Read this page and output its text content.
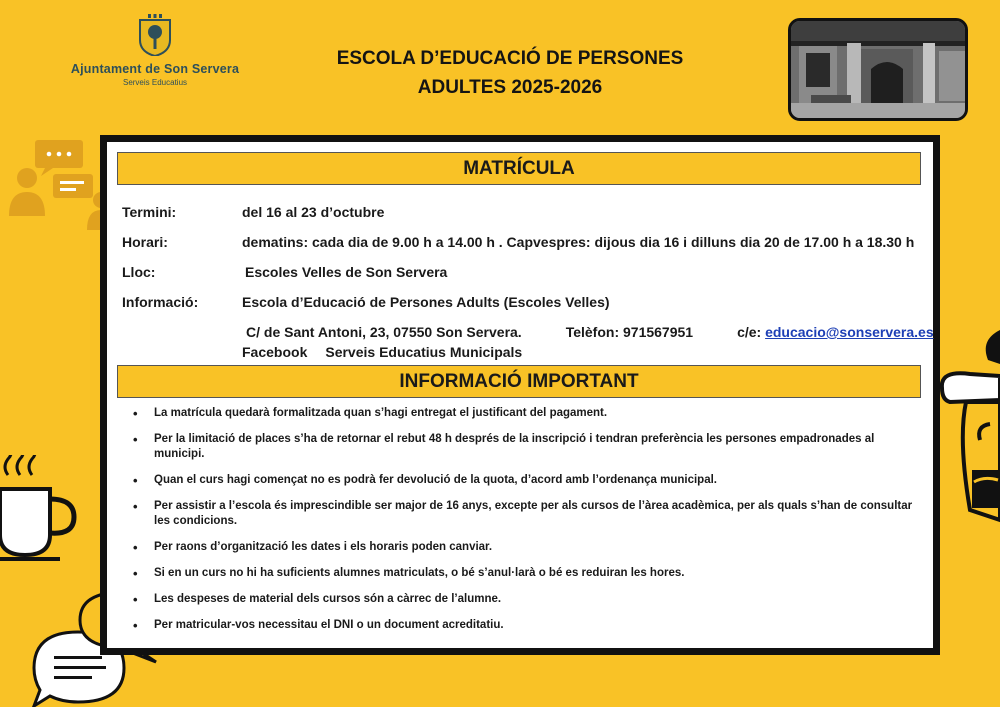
Ajuntament de Son Servera
Serveis Educatius
ESCOLA D’EDUCACIÓ DE PERSONES
ADULTES 2025-2026
MATRÍCULA
Termini:	del 16 al 23 d’octubre
Horari:	dematins: cada dia de 9.00 h a 14.00 h . Capvespres: dijous dia 16 i dilluns dia 20 de 17.00 h a 18.30 h
Lloc:	Escoles Velles de Son Servera
Informació:	Escola d’Educació de Persones Adults (Escoles Velles)
C/ de Sant Antoni, 23, 07550 Son Servera.	Telèfon: 971567951	c/e: educacio@sonservera.es
Facebook Serveis Educatius Municipals
INFORMACIÓ IMPORTANT
• La matrícula quedarà formalitzada quan s’hagi entregat el justificant del pagament.
• Per la limitació de places s’ha de retornar el rebut 48 h després de la inscripció i tendran preferència les persones empadronades al municipi.
• Quan el curs hagi començat no es podrà fer devolució de la quota, d’acord amb l’ordenança municipal.
• Per assistir a l’escola és imprescindible ser major de 16 anys, excepte per als cursos de l’àrea acadèmica, per als quals s’han de consultar les condicions.
• Per raons d’organització les dates i els horaris poden canviar.
• Si en un curs no hi ha suficients alumnes matriculats, o bé s’anul·larà o bé es reduiran les hores.
• Les despeses de material dels cursos són a càrrec de l’alumne.
• Per matricular-vos necessitau el DNI o un document acreditatiu.
